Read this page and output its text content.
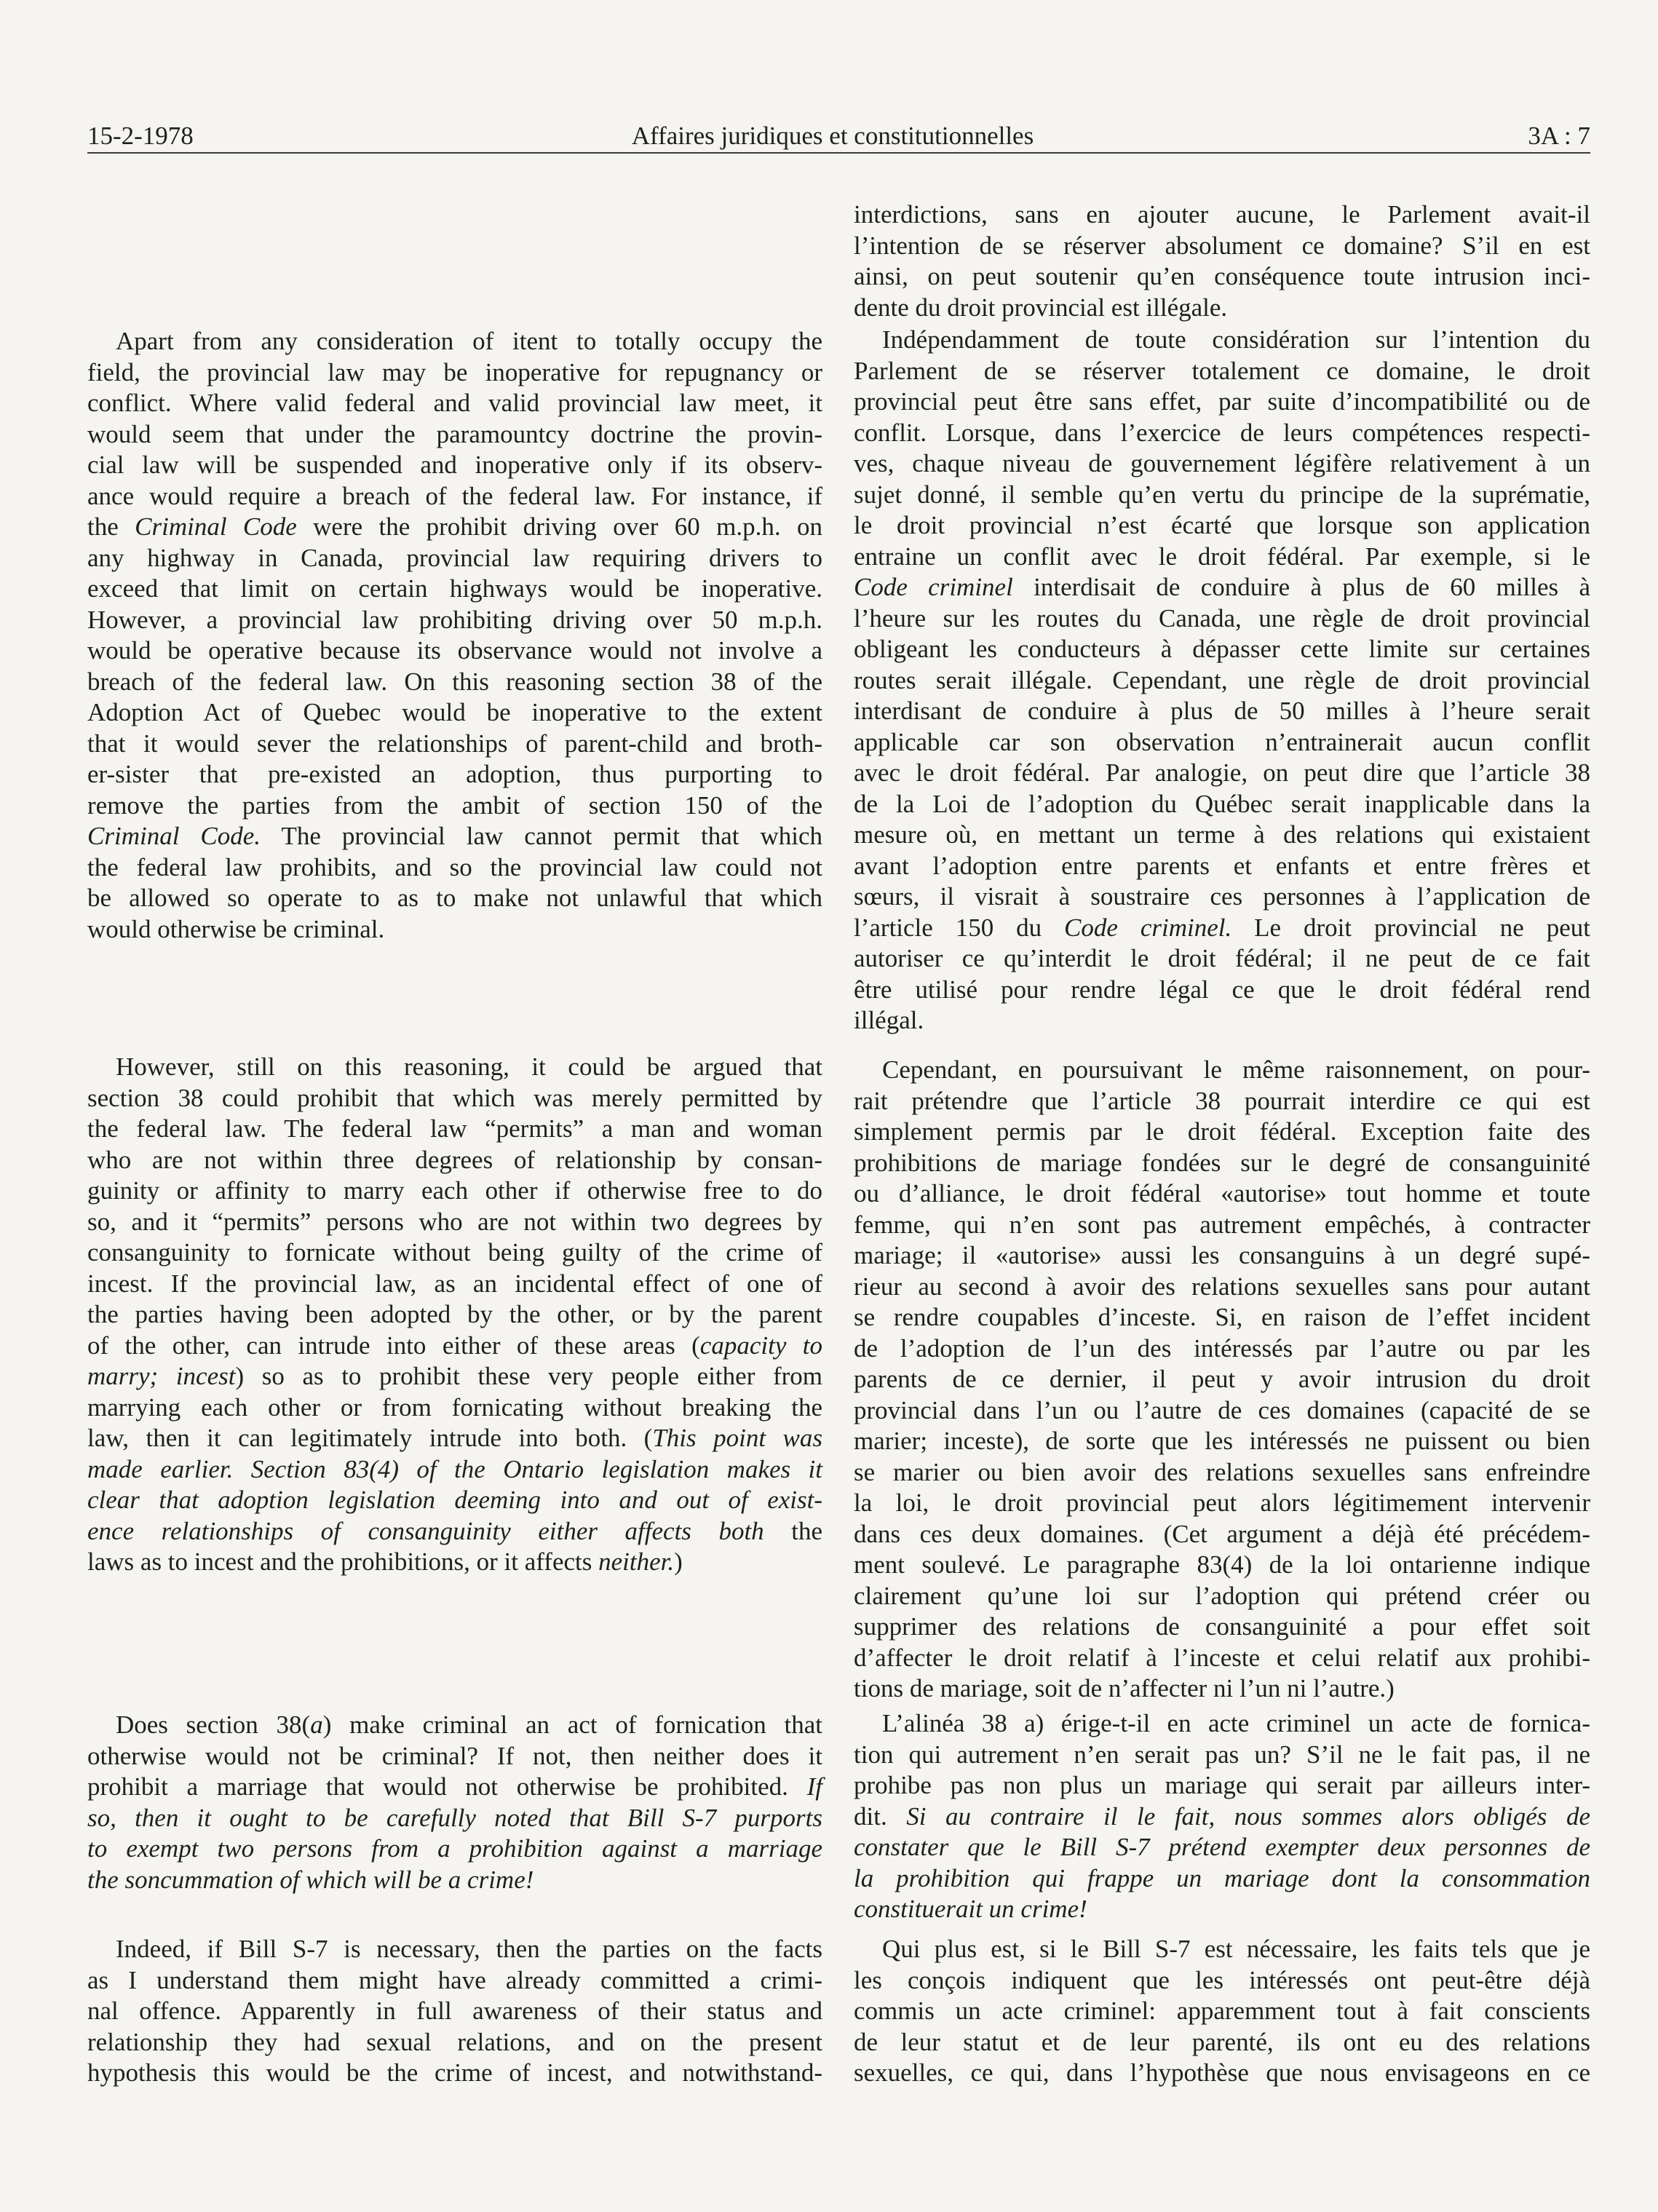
15-2-1978	Affaires juridiques et constitutionnelles	3A : 7
Apart from any consideration of itent to totally occupy the
field, the provincial law may be inoperative for repugnancy or
conflict. Where valid federal and valid provincial law meet, it
would seem that under the paramountcy doctrine the provin-
cial law will be suspended and inoperative only if its observ-
ance would require a breach of the federal law. For instance, if
the Criminal Code were the prohibit driving over 60 m.p.h. on
any highway in Canada, provincial law requiring drivers to
exceed that limit on certain highways would be inoperative.
However, a provincial law prohibiting driving over 50 m.p.h.
would be operative because its observance would not involve a
breach of the federal law. On this reasoning section 38 of the
Adoption Act of Quebec would be inoperative to the extent
that it would sever the relationships of parent-child and broth-
er-sister that pre-existed an adoption, thus purporting to
remove the parties from the ambit of section 150 of the
Criminal Code. The provincial law cannot permit that which
the federal law prohibits, and so the provincial law could not
be allowed so operate to as to make not unlawful that which
would otherwise be criminal.
However, still on this reasoning, it could be argued that
section 38 could prohibit that which was merely permitted by
the federal law. The federal law “permits” a man and woman
who are not within three degrees of relationship by consan-
guinity or affinity to marry each other if otherwise free to do
so, and it “permits” persons who are not within two degrees by
consanguinity to fornicate without being guilty of the crime of
incest. If the provincial law, as an incidental effect of one of
the parties having been adopted by the other, or by the parent
of the other, can intrude into either of these areas (capacity to
marry; incest) so as to prohibit these very people either from
marrying each other or from fornicating without breaking the
law, then it can legitimately intrude into both. (This point was
made earlier. Section 83(4) of the Ontario legislation makes it
clear that adoption legislation deeming into and out of exist-
ence relationships of consanguinity either affects both the
laws as to incest and the prohibitions, or it affects neither.)
Does section 38(a) make criminal an act of fornication that
otherwise would not be criminal? If not, then neither does it
prohibit a marriage that would not otherwise be prohibited. If
so, then it ought to be carefully noted that Bill S-7 purports
to exempt two persons from a prohibition against a marriage
the soncummation of which will be a crime!
Indeed, if Bill S-7 is necessary, then the parties on the facts
as I understand them might have already committed a crimi-
nal offence. Apparently in full awareness of their status and
relationship they had sexual relations, and on the present
hypothesis this would be the crime of incest, and notwithstand-
interdictions, sans en ajouter aucune, le Parlement avait-il
l’intention de se réserver absolument ce domaine? S’il en est
ainsi, on peut soutenir qu’en conséquence toute intrusion inci-
dente du droit provincial est illégale.
Indépendamment de toute considération sur l’intention du
Parlement de se réserver totalement ce domaine, le droit
provincial peut être sans effet, par suite d’incompatibilité ou de
conflit. Lorsque, dans l’exercice de leurs compétences respecti-
ves, chaque niveau de gouvernement légifère relativement à un
sujet donné, il semble qu’en vertu du principe de la suprématie,
le droit provincial n’est écarté que lorsque son application
entraine un conflit avec le droit fédéral. Par exemple, si le
Code criminel interdisait de conduire à plus de 60 milles à
l’heure sur les routes du Canada, une règle de droit provincial
obligeant les conducteurs à dépasser cette limite sur certaines
routes serait illégale. Cependant, une règle de droit provincial
interdisant de conduire à plus de 50 milles à l’heure serait
applicable car son observation n’entrainerait aucun conflit
avec le droit fédéral. Par analogie, on peut dire que l’article 38
de la Loi de l’adoption du Québec serait inapplicable dans la
mesure où, en mettant un terme à des relations qui existaient
avant l’adoption entre parents et enfants et entre frères et
sœurs, il visrait à soustraire ces personnes à l’application de
l’article 150 du Code criminel. Le droit provincial ne peut
autoriser ce qu’interdit le droit fédéral; il ne peut de ce fait
être utilisé pour rendre légal ce que le droit fédéral rend
illégal.
Cependant, en poursuivant le même raisonnement, on pour-
rait prétendre que l’article 38 pourrait interdire ce qui est
simplement permis par le droit fédéral. Exception faite des
prohibitions de mariage fondées sur le degré de consanguinité
ou d’alliance, le droit fédéral «autorise» tout homme et toute
femme, qui n’en sont pas autrement empêchés, à contracter
mariage; il «autorise» aussi les consanguins à un degré supé-
rieur au second à avoir des relations sexuelles sans pour autant
se rendre coupables d’inceste. Si, en raison de l’effet incident
de l’adoption de l’un des intéressés par l’autre ou par les
parents de ce dernier, il peut y avoir intrusion du droit
provincial dans l’un ou l’autre de ces domaines (capacité de se
marier; inceste), de sorte que les intéressés ne puissent ou bien
se marier ou bien avoir des relations sexuelles sans enfreindre
la loi, le droit provincial peut alors légitimement intervenir
dans ces deux domaines. (Cet argument a déjà été précédem-
ment soulevé. Le paragraphe 83(4) de la loi ontarienne indique
clairement qu’une loi sur l’adoption qui prétend créer ou
supprimer des relations de consanguinité a pour effet soit
d’affecter le droit relatif à l’inceste et celui relatif aux prohibi-
tions de mariage, soit de n’affecter ni l’un ni l’autre.)
L’alinéa 38 a) érige-t-il en acte criminel un acte de fornica-
tion qui autrement n’en serait pas un? S’il ne le fait pas, il ne
prohibe pas non plus un mariage qui serait par ailleurs inter-
dit. Si au contraire il le fait, nous sommes alors obligés de
constater que le Bill S-7 prétend exempter deux personnes de
la prohibition qui frappe un mariage dont la consommation
constituerait un crime!
Qui plus est, si le Bill S-7 est nécessaire, les faits tels que je
les conçois indiquent que les intéressés ont peut-être déjà
commis un acte criminel: apparemment tout à fait conscients
de leur statut et de leur parenté, ils ont eu des relations
sexuelles, ce qui, dans l’hypothèse que nous envisageons en ce
